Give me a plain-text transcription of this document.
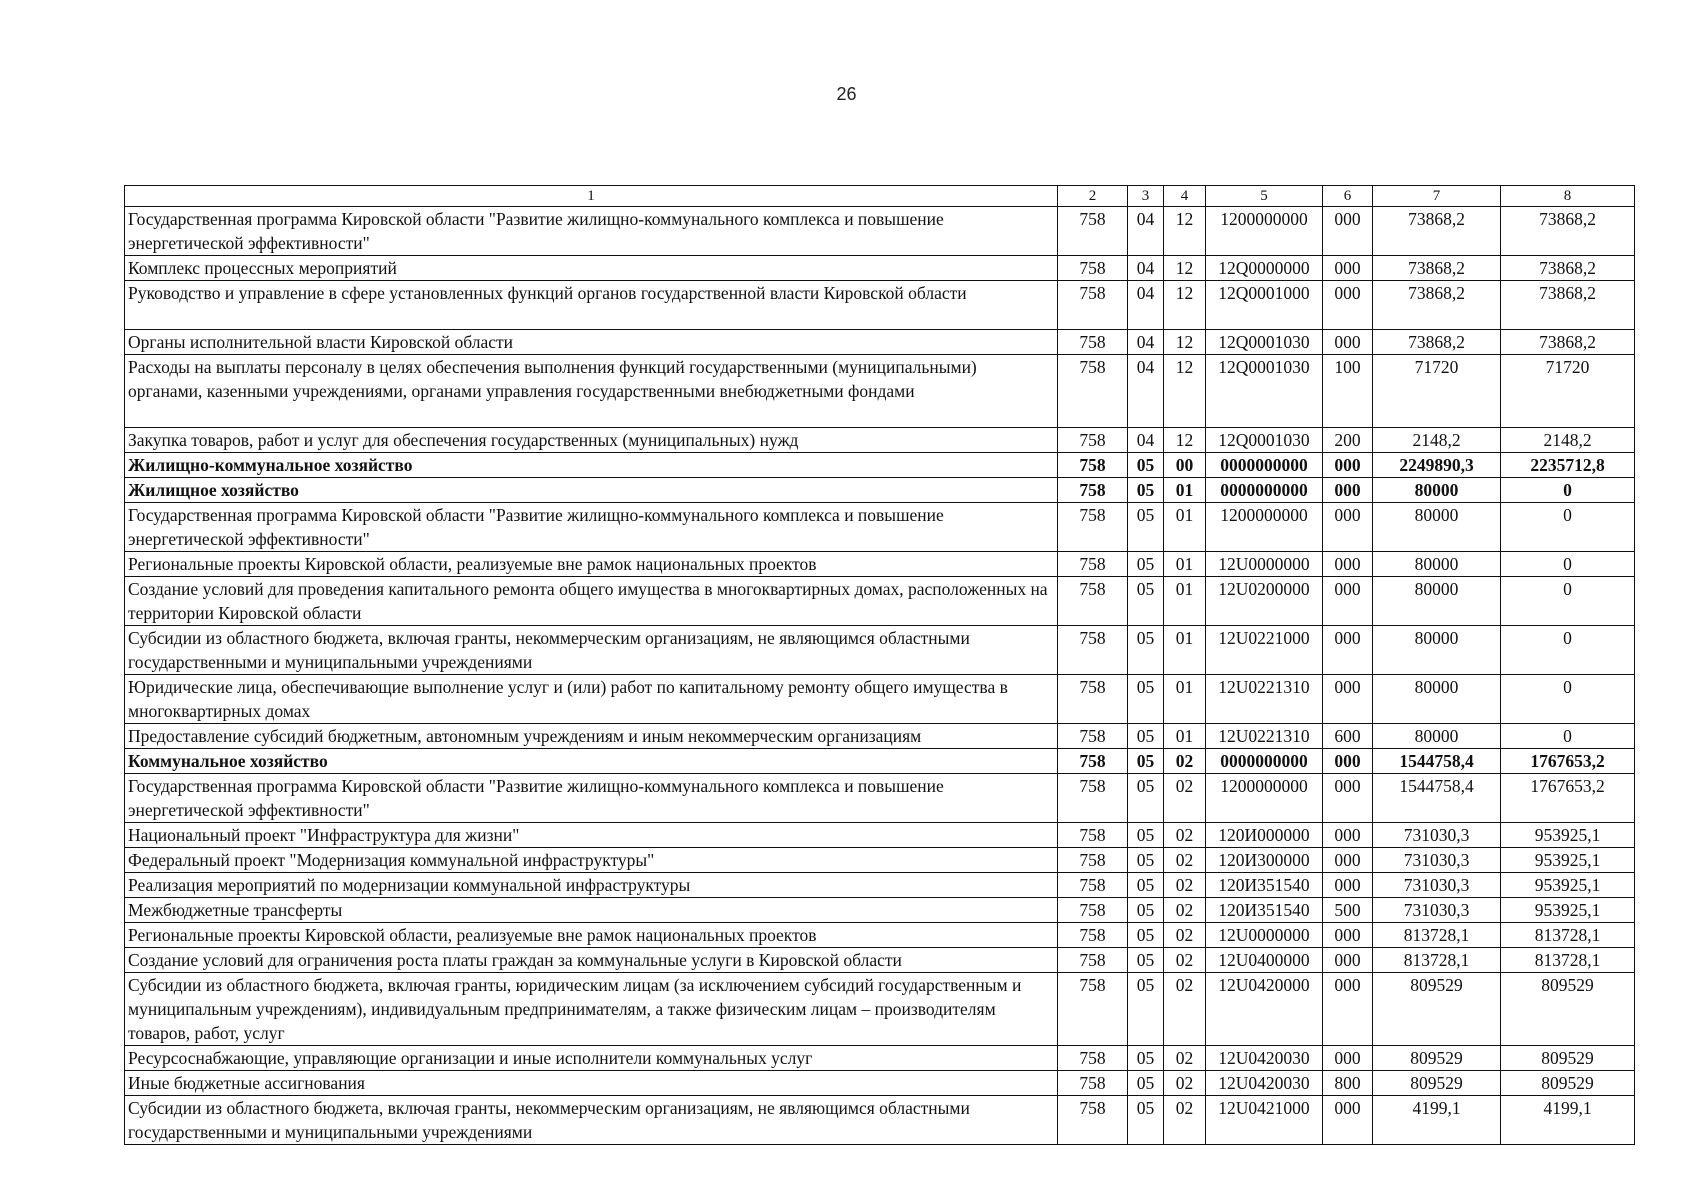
26
1	2	3	4	5	6	7	8
Государственная программа Кировской области "Развитие жилищно-коммунального комплекса и повышение энергетической эффективности"	758	04	12	1200000000	000	73868,2	73868,2
Комплекс процессных мероприятий	758	04	12	12Q0000000	000	73868,2	73868,2
Руководство и управление в сфере установленных функций органов государственной власти Кировской области	758	04	12	12Q0001000	000	73868,2	73868,2
Органы исполнительной власти Кировской области	758	04	12	12Q0001030	000	73868,2	73868,2
Расходы на выплаты персоналу в целях обеспечения выполнения функций государственными (муниципальными) органами, казенными учреждениями, органами управления государственными внебюджетными фондами	758	04	12	12Q0001030	100	71720	71720
Закупка товаров, работ и услуг для обеспечения государственных (муниципальных) нужд	758	04	12	12Q0001030	200	2148,2	2148,2
Жилищно-коммунальное хозяйство	758	05	00	0000000000	000	2249890,3	2235712,8
Жилищное хозяйство	758	05	01	0000000000	000	80000	0
Государственная программа Кировской области "Развитие жилищно-коммунального комплекса и повышение энергетической эффективности"	758	05	01	1200000000	000	80000	0
Региональные проекты Кировской области, реализуемые вне рамок национальных проектов	758	05	01	12U0000000	000	80000	0
Создание условий для проведения капитального ремонта общего имущества в многоквартирных домах, расположенных на территории Кировской области	758	05	01	12U0200000	000	80000	0
Субсидии из областного бюджета, включая гранты, некоммерческим организациям, не являющимся областными государственными и муниципальными учреждениями	758	05	01	12U0221000	000	80000	0
Юридические лица, обеспечивающие выполнение услуг и (или) работ по капитальному ремонту общего имущества в многоквартирных домах	758	05	01	12U0221310	000	80000	0
Предоставление субсидий бюджетным, автономным учреждениям и иным некоммерческим организациям	758	05	01	12U0221310	600	80000	0
Коммунальное хозяйство	758	05	02	0000000000	000	1544758,4	1767653,2
Государственная программа Кировской области "Развитие жилищно-коммунального комплекса и повышение энергетической эффективности"	758	05	02	1200000000	000	1544758,4	1767653,2
Национальный проект "Инфраструктура для жизни"	758	05	02	120И000000	000	731030,3	953925,1
Федеральный проект "Модернизация коммунальной инфраструктуры"	758	05	02	120И300000	000	731030,3	953925,1
Реализация мероприятий по модернизации коммунальной инфраструктуры	758	05	02	120И351540	000	731030,3	953925,1
Межбюджетные трансферты	758	05	02	120И351540	500	731030,3	953925,1
Региональные проекты Кировской области, реализуемые вне рамок национальных проектов	758	05	02	12U0000000	000	813728,1	813728,1
Создание условий для ограничения роста платы граждан за коммунальные услуги в Кировской области	758	05	02	12U0400000	000	813728,1	813728,1
Субсидии из областного бюджета, включая гранты, юридическим лицам (за исключением субсидий государственным и муниципальным учреждениям), индивидуальным предпринимателям, а также физическим лицам – производителям товаров, работ, услуг	758	05	02	12U0420000	000	809529	809529
Ресурсоснабжающие, управляющие организации и иные исполнители коммунальных услуг	758	05	02	12U0420030	000	809529	809529
Иные бюджетные ассигнования	758	05	02	12U0420030	800	809529	809529
Субсидии из областного бюджета, включая гранты, некоммерческим организациям, не являющимся областными государственными и муниципальными учреждениями	758	05	02	12U0421000	000	4199,1	4199,1
